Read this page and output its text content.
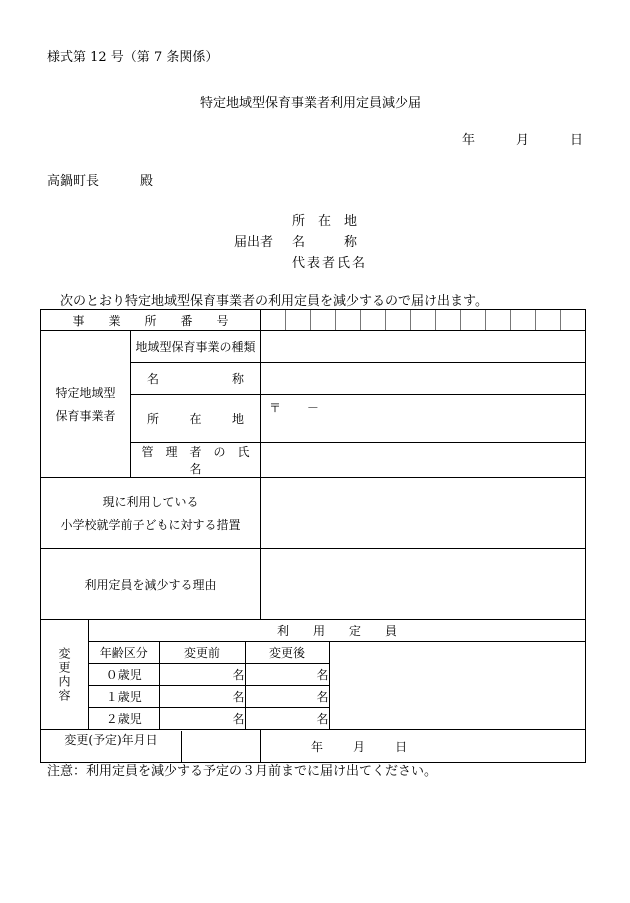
様式第 12 号（第 7 条関係）
特定地域型保育事業者利用定員減少届
年	月	日
高鍋町長	殿
所　在　地
届出者 名　　　称
代表者氏名
次のとおり特定地域型保育事業者の利用定員を減少するので届け出ます。
事　　業　　所　　番　　号	

特定地域型
保育事業者
	地域型保育事業の種類	

名	称

所	在	地

〒 －

管　理　者　の　氏　名	

現に利用している
小学校就学前子どもに対する措置

利用定員を減少する理由	

変更内容

利　　用　　定　　員
年齢区分	変更前	変更後	
０歳児	名	名
１歳児	名	名
２歳児	名	名

変更(予定)年月日	年	月	日
注意：利用定員を減少する予定の３月前までに届け出てください。
